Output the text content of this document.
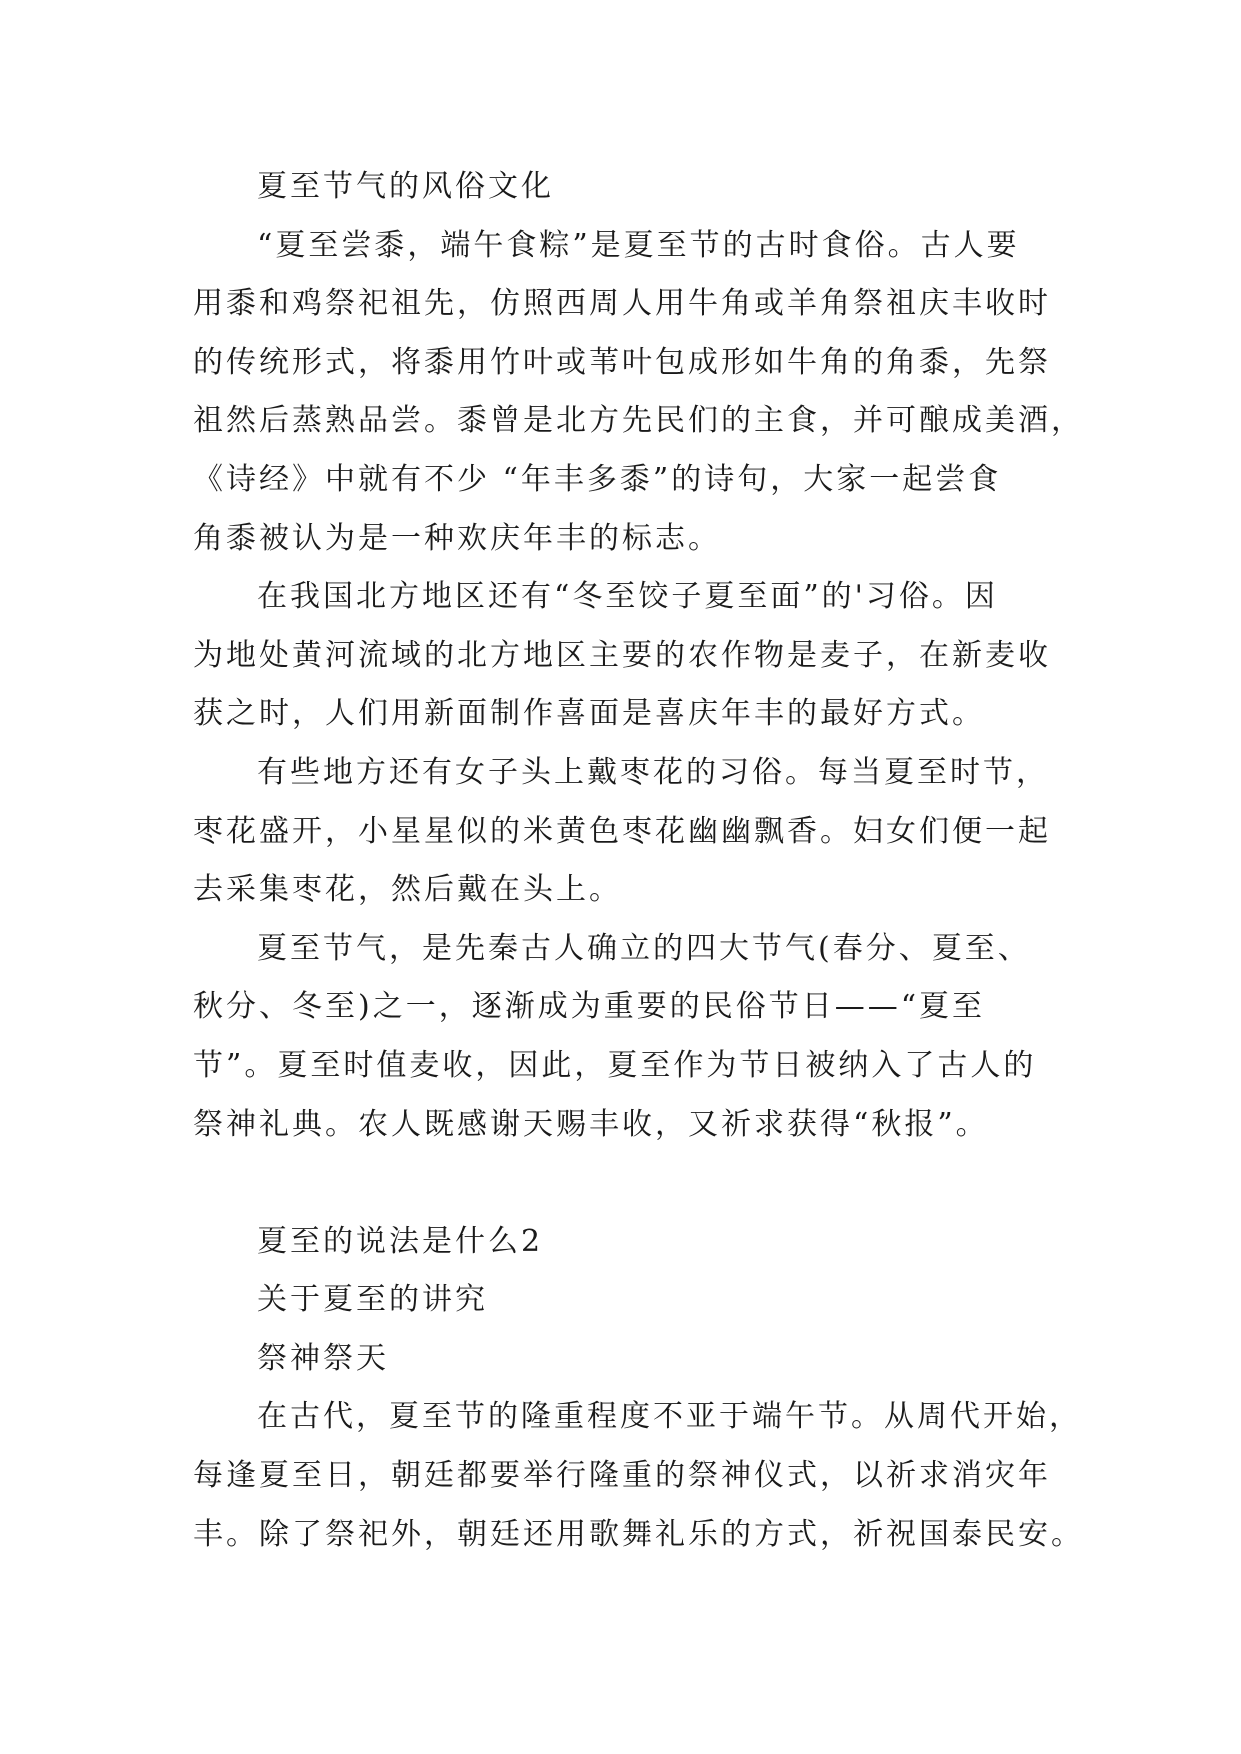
夏至节气的风俗文化
“夏至尝黍，端午食粽”是夏至节的古时食俗。古人要
用黍和鸡祭祀祖先，仿照西周人用牛角或羊角祭祖庆丰收时
的传统形式，将黍用竹叶或苇叶包成形如牛角的角黍，先祭
祖然后蒸熟品尝。黍曾是北方先民们的主食，并可酿成美酒，
《诗经》中就有不少 “年丰多黍”的诗句，大家一起尝食
角黍被认为是一种欢庆年丰的标志。
在我国北方地区还有“冬至饺子夏至面”的'习俗。因
为地处黄河流域的北方地区主要的农作物是麦子，在新麦收
获之时，人们用新面制作喜面是喜庆年丰的最好方式。
有些地方还有女子头上戴枣花的习俗。每当夏至时节，
枣花盛开，小星星似的米黄色枣花幽幽飘香。妇女们便一起
去采集枣花，然后戴在头上。
夏至节气，是先秦古人确立的四大节气(春分、夏至、
秋分、冬至)之一，逐渐成为重要的民俗节日——“夏至
节”。夏至时值麦收，因此，夏至作为节日被纳入了古人的
祭神礼典。农人既感谢天赐丰收，又祈求获得“秋报”。
夏至的说法是什么2
关于夏至的讲究
祭神祭天
在古代，夏至节的隆重程度不亚于端午节。从周代开始，
每逢夏至日，朝廷都要举行隆重的祭神仪式，以祈求消灾年
丰。除了祭祀外，朝廷还用歌舞礼乐的方式，祈祝国泰民安。
